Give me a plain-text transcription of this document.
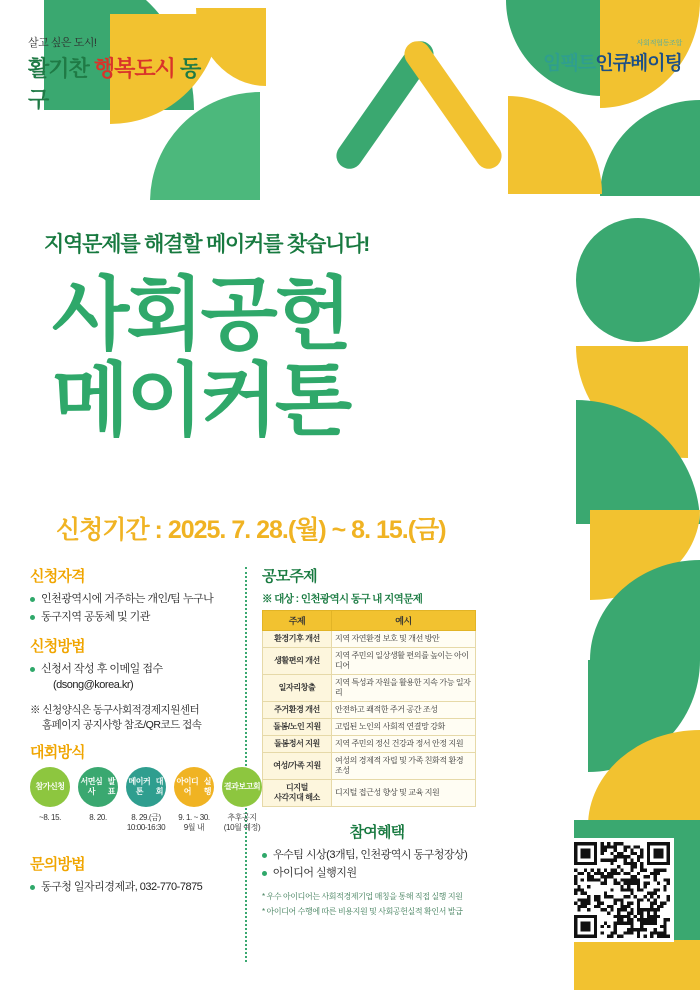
살고 싶은 도시!
활기찬 행복도시 동구
사회적협동조합
임팩트인큐베이팅
지역문제를 해결할 메이커를 찾습니다!
사회공헌
메이커톤
신청기간 : 2025. 7. 28.(월) ~ 8. 15.(금)
신청자격
인천광역시에 거주하는 개인/팀 누구나
동구지역 공동체 및 기관
신청방법
신청서 작성 후 이메일 접수
(dsong@korea.kr)
※ 신청양식은 동구사회적경제지원센터

홈페이지 공지사항 참조/QR코드 접속
대회방식
참가 신청
~8. 15.
서면심사
발표
8. 20.
메이커톤
대회
8. 29.(금)
10:00-16:30
아이디어
실행
9. 1. ~ 30.
9월 내
결과 보고회
추후공지
(10월 예정)
문의방법
동구청 일자리경제과, 032-770-7875
공모주제
※ 대상 : 인천광역시 동구 내 지역문제
주제	예시

환경기후 개선	지역 자연환경 보호 및 개선 방안

생활편의 개선	지역 주민의 일상생활 편의를 높이는 아이디어

일자리창출	지역 특성과 자원을 활용한 지속 가능 일자리

주거환경 개선	안전하고 쾌적한 주거 공간 조성

돌봄/노인 지원	고립된 노인의 사회적 연결망 강화

돌봄정서 지원	지역 주민의 정신 건강과 정서 안정 지원

여성/가족 지원	여성의 경제적 자립 및 가족 친화적 환경 조성

디지털
사각지대 해소	디지털 접근성 향상 및 교육 지원
참여혜택
우수팀 시상(3개팀, 인천광역시 동구청장상)
아이디어 실행지원
* 우수 아이디어는 사회적경제기업 매칭을 통해 직접 실행 지원
* 아이디어 수행에 따른 비용지원 및 사회공헌실적 확인서 발급
